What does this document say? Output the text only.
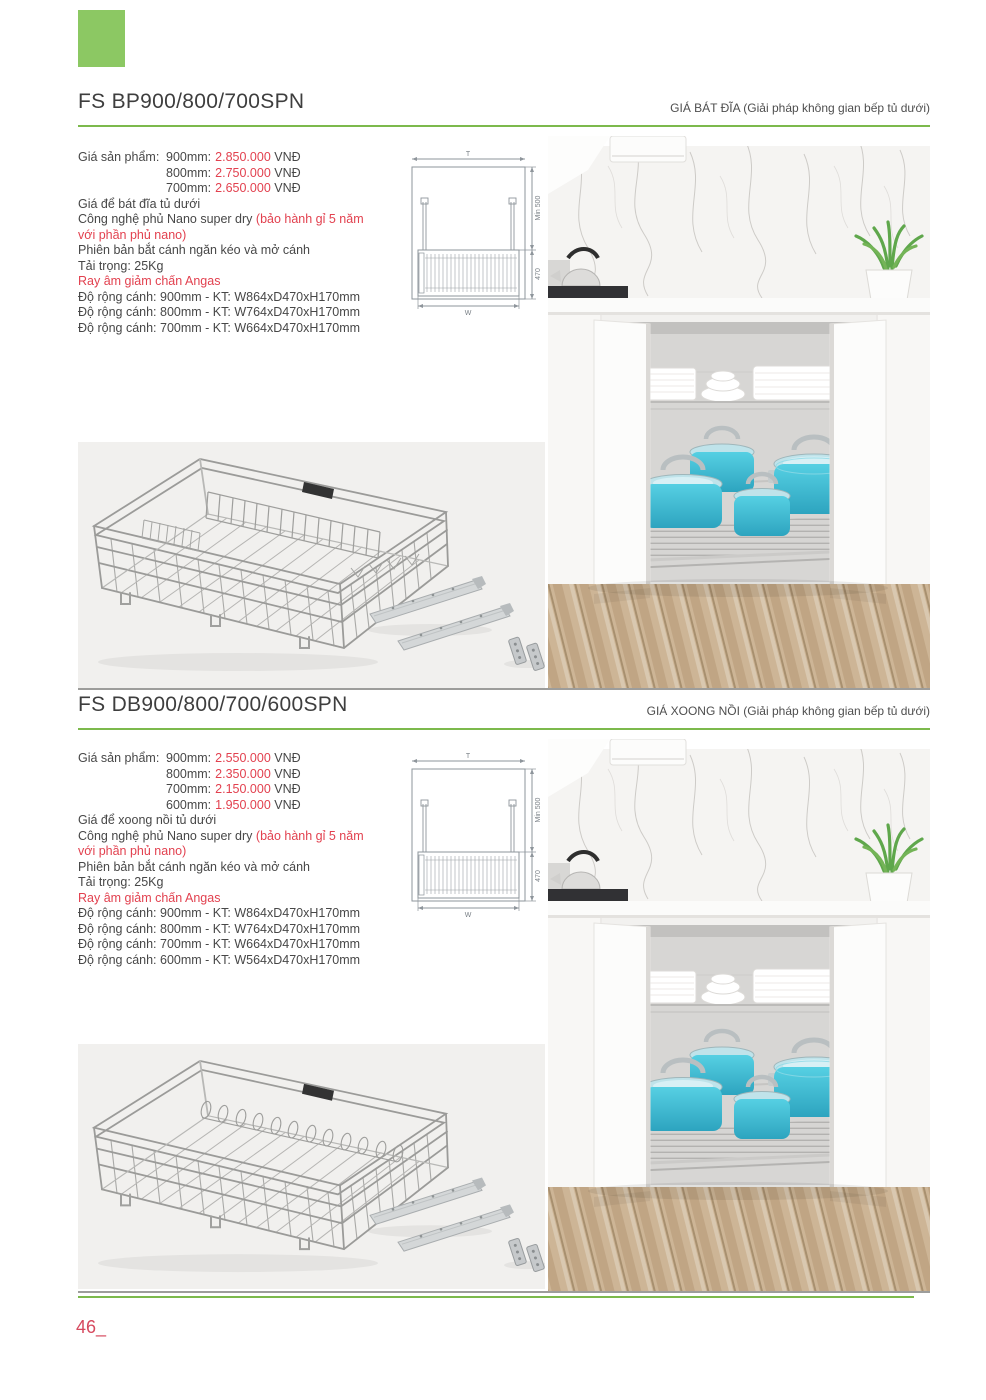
FS BP900/800/700SPN	GIÁ BÁT ĐĨA (Giải pháp không gian bếp tủ dưới)
Giá sản phẩm: 900mm: 2.850.000 VNĐ
800mm: 2.750.000 VNĐ
700mm: 2.650.000 VNĐ
Giá để bát đĩa tủ dưới
Công nghệ phủ Nano super dry (bảo hành gỉ 5 năm
với phần phủ nano)
Phiên bản bắt cánh ngăn kéo và mở cánh
Tải trọng: 25Kg
Ray âm giảm chấn Angas
Độ rộng cánh: 900mm - KT: W864xD470xH170mm
Độ rộng cánh: 800mm - KT: W764xD470xH170mm
Độ rộng cánh: 700mm - KT: W664xD470xH170mm
T
Min 500
470
W
FS DB900/800/700/600SPN	GIÁ XOONG NỒI (Giải pháp không gian bếp tủ dưới)
Giá sản phẩm: 900mm: 2.550.000 VNĐ
800mm: 2.350.000 VNĐ
700mm: 2.150.000 VNĐ
600mm: 1.950.000 VNĐ
Giá để xoong nồi tủ dưới
Công nghệ phủ Nano super dry (bảo hành gỉ 5 năm
với phần phủ nano)
Phiên bản bắt cánh ngăn kéo và mở cánh
Tải trọng: 25Kg
Ray âm giảm chấn Angas
Độ rộng cánh: 900mm - KT: W864xD470xH170mm
Độ rộng cánh: 800mm - KT: W764xD470xH170mm
Độ rộng cánh: 700mm - KT: W664xD470xH170mm
Độ rộng cánh: 600mm - KT: W564xD470xH170mm
T
Min 500
470
W
46_
